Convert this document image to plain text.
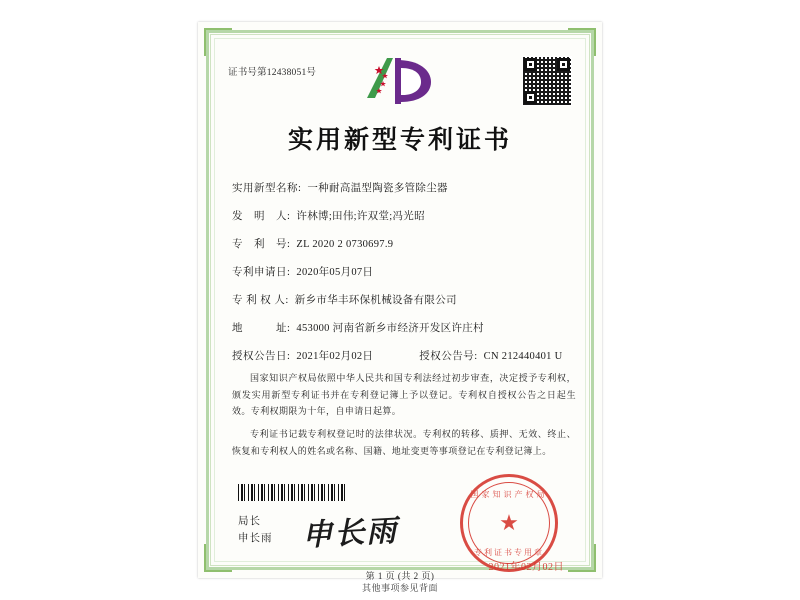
证书号第12438051号
实用新型专利证书
实用新型名称: 一种耐高温型陶瓷多管除尘器
发　明　人: 许林博;田伟;许双堂;冯光昭
专　利　号: ZL 2020 2 0730697.9
专利申请日: 2020年05月07日
专 利 权 人: 新乡市华丰环保机械设备有限公司
地　　　址: 453000 河南省新乡市经济开发区许庄村
授权公告日: 2021年02月02日	授权公告号: CN 212440401 U
国家知识产权局依照中华人民共和国专利法经过初步审查，决定授予专利权，颁发实用新型专利证书并在专利登记簿上予以登记。专利权自授权公告之日起生效。专利权期限为十年，自申请日起算。
专利证书记载专利权登记时的法律状况。专利权的转移、质押、无效、终止、恢复和专利权人的姓名或名称、国籍、地址变更等事项登记在专利登记簿上。
局长
申长雨 申长雨
国家知识产权局
★
专利证书专用章
2021年02月02日
第 1 页 (共 2 页)
其他事项参见背面
